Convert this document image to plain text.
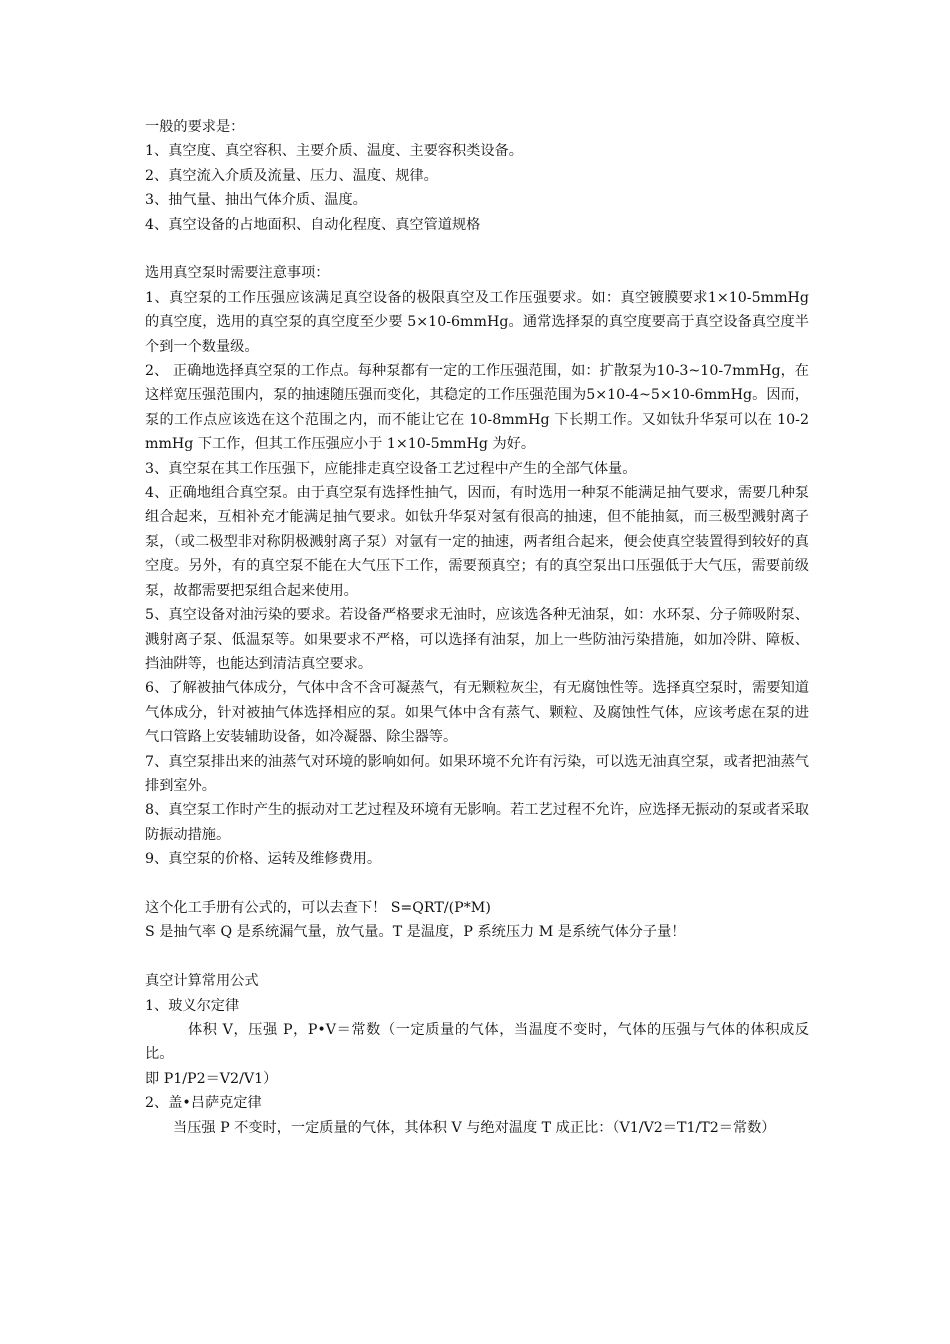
一般的要求是：

1、真空度、真空容积、主要介质、温度、主要容积类设备。

2、真空流入介质及流量、压力、温度、规律。

3、抽气量、抽出气体介质、温度。

4、真空设备的占地面积、自动化程度、真空管道规格

选用真空泵时需要注意事项：

1、真空泵的工作压强应该满足真空设备的极限真空及工作压强要求。如：真空镀膜要求1×10-5mmHg 的真空度，选用的真空泵的真空度至少要 5×10-6mmHg。通常选择泵的真空度要高于真空设备真空度半个到一个数量级。

2、 正确地选择真空泵的工作点。每种泵都有一定的工作压强范围，如：扩散泵为10-3~10-7mmHg，在这样宽压强范围内，泵的抽速随压强而变化，其稳定的工作压强范围为5×10-4~5×10-6mmHg。因而，泵的工作点应该选在这个范围之内，而不能让它在 10-8mmHg 下长期工作。又如钛升华泵可以在 10-2mmHg 下工作，但其工作压强应小于 1×10-5mmHg 为好。

3、真空泵在其工作压强下，应能排走真空设备工艺过程中产生的全部气体量。

4、正确地组合真空泵。由于真空泵有选择性抽气，因而，有时选用一种泵不能满足抽气要求，需要几种泵组合起来，互相补充才能满足抽气要求。如钛升华泵对氢有很高的抽速，但不能抽氦，而三极型溅射离子泵，（或二极型非对称阴极溅射离子泵）对氩有一定的抽速，两者组合起来，便会使真空装置得到较好的真空度。另外，有的真空泵不能在大气压下工作，需要预真空；有的真空泵出口压强低于大气压，需要前级泵，故都需要把泵组合起来使用。

5、真空设备对油污染的要求。若设备严格要求无油时，应该选各种无油泵，如：水环泵、分子筛吸附泵、溅射离子泵、低温泵等。如果要求不严格，可以选择有油泵，加上一些防油污染措施，如加冷阱、障板、挡油阱等，也能达到清洁真空要求。

6、了解被抽气体成分，气体中含不含可凝蒸气，有无颗粒灰尘，有无腐蚀性等。选择真空泵时，需要知道气体成分，针对被抽气体选择相应的泵。如果气体中含有蒸气、颗粒、及腐蚀性气体，应该考虑在泵的进气口管路上安装辅助设备，如冷凝器、除尘器等。

7、真空泵排出来的油蒸气对环境的影响如何。如果环境不允许有污染，可以选无油真空泵，或者把油蒸气排到室外。

8、真空泵工作时产生的振动对工艺过程及环境有无影响。若工艺过程不允许，应选择无振动的泵或者采取防振动措施。

9、真空泵的价格、运转及维修费用。

这个化工手册有公式的，可以去查下！ S=QRT/(P*M)

S 是抽气率 Q 是系统漏气量，放气量。T 是温度，P 系统压力 M 是系统气体分子量！

真空计算常用公式

1、玻义尔定律

体积 V，压强 P，P•V＝常数（一定质量的气体，当温度不变时，气体的压强与气体的体积成反比。

即 P1/P2＝V2/V1）

2、盖•吕萨克定律

当压强 P 不变时，一定质量的气体，其体积 V 与绝对温度 T 成正比：（V1/V2＝T1/T2＝常数）
